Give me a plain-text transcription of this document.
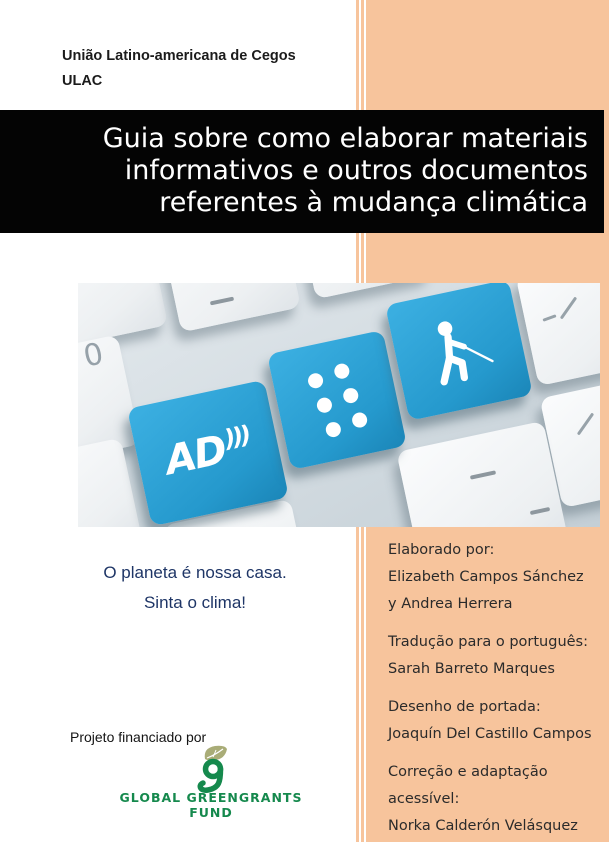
União Latino-americana de Cegos
ULAC
Guia sobre como elaborar materiais
informativos e outros documentos
referentes à mudança climática
0
AD
)))
O planeta é nossa casa.
Sinta o clima!
Projeto financiado por
GLOBAL GREENGRANTS FUND
Elaborado por:
Elizabeth Campos Sánchez
y Andrea Herrera
Tradução para o português:
Sarah Barreto Marques
Desenho de portada:
Joaquín Del Castillo Campos
Correção e adaptação acessível:
Norka Calderón Velásquez
